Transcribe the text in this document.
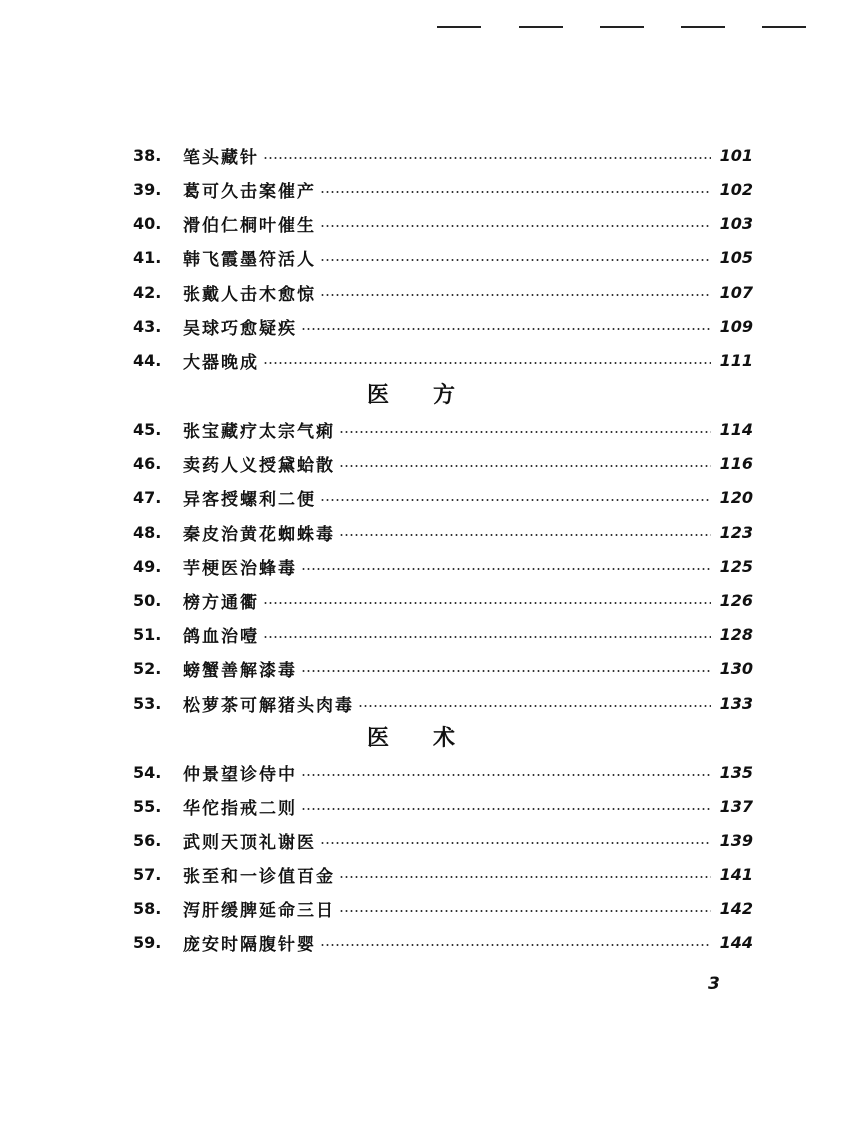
38.	笔头藏针	101
39.	葛可久击案催产	102
40.	滑伯仁桐叶催生	103
41.	韩飞霞墨符活人	105
42.	张戴人击木愈惊	107
43.	吴球巧愈疑疾	109
44.	大器晚成	111
医方
45.	张宝藏疗太宗气痢	114
46.	卖药人义授黛蛤散	116
47.	异客授螺利二便	120
48.	秦皮治黄花蜘蛛毒	123
49.	芋梗医治蜂毒	125
50.	榜方通衢	126
51.	鸽血治噎	128
52.	螃蟹善解漆毒	130
53.	松萝茶可解猪头肉毒	133
医术
54.	仲景望诊侍中	135
55.	华佗指戒二则	137
56.	武则天顶礼谢医	139
57.	张至和一诊值百金	141
58.	泻肝缓脾延命三日	142
59.	庞安时隔腹针婴	144
3
